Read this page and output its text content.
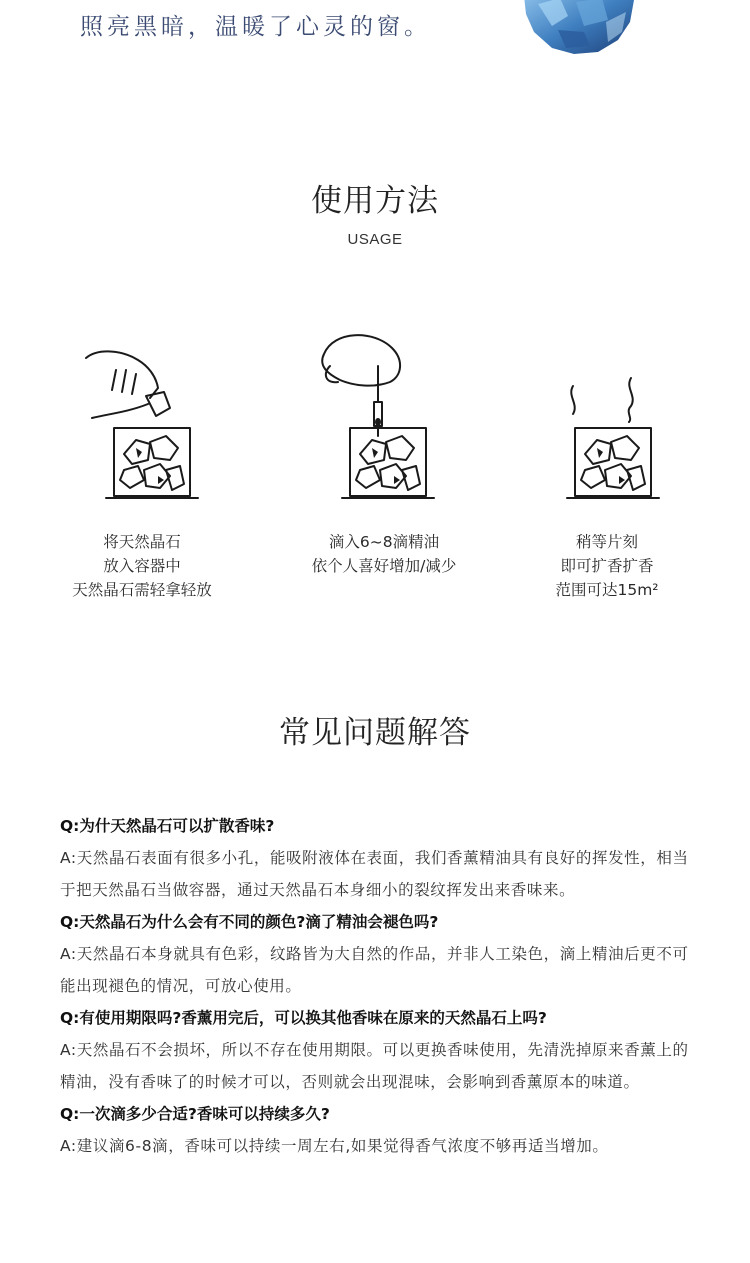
照亮黑暗，温暖了心灵的窗。
使用方法
USAGE
将天然晶石
放入容器中
天然晶石需轻拿轻放
滴入6~8滴精油
依个人喜好增加/减少
稍等片刻
即可扩香扩香
范围可达15m²
常见问题解答
Q:为什天然晶石可以扩散香味?
A:天然晶石表面有很多小孔，能吸附液体在表面，我们香薰精油具有良好的挥发性，相当于把天然晶石当做容器，通过天然晶石本身细小的裂纹挥发出来香味来。
Q:天然晶石为什么会有不同的颜色?滴了精油会褪色吗?
A:天然晶石本身就具有色彩，纹路皆为大自然的作品，并非人工染色，滴上精油后更不可能出现褪色的情况，可放心使用。
Q:有使用期限吗?香薰用完后，可以换其他香味在原来的天然晶石上吗?
A:天然晶石不会损坏，所以不存在使用期限。可以更换香味使用，先清洗掉原来香薰上的精油，没有香味了的时候才可以，否则就会出现混味，会影响到香薰原本的味道。
Q:一次滴多少合适?香味可以持续多久?
A:建议滴6-8滴，香味可以持续一周左右,如果觉得香气浓度不够再适当增加。
